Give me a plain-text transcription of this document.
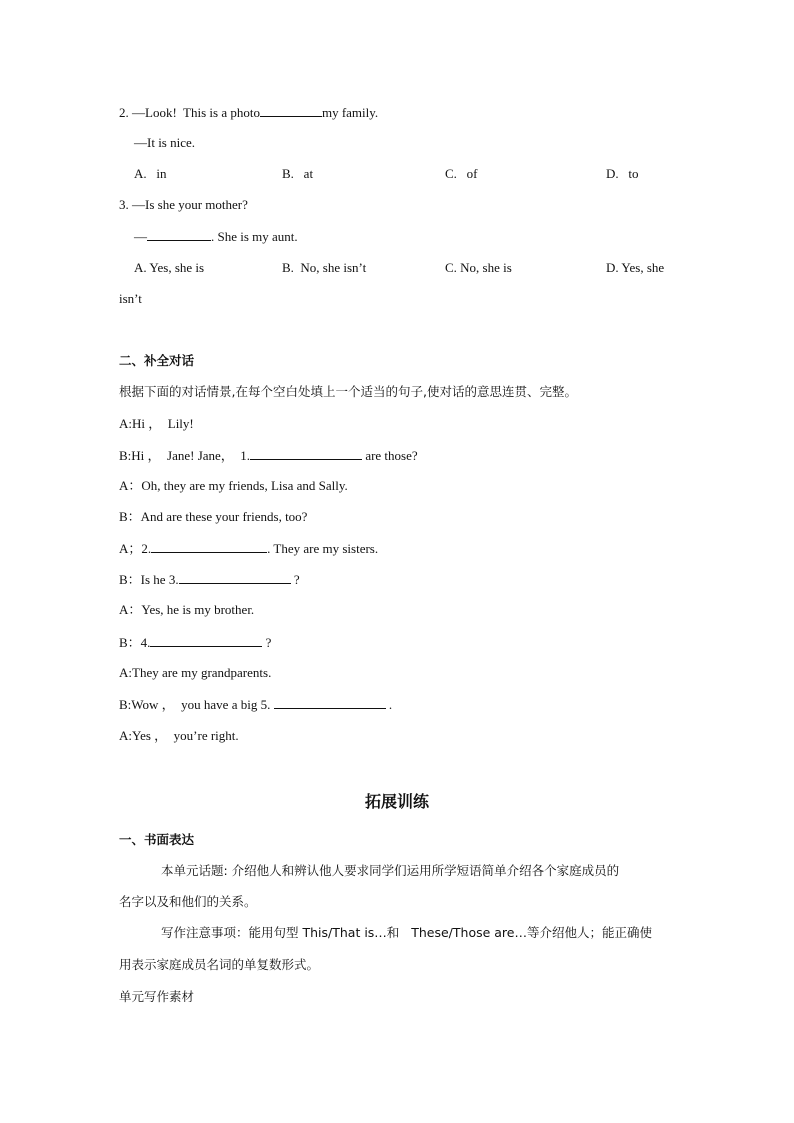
2. —Look!  This is a photo	my family.

—It is nice.

A.   in	B.   at	C.   of	D.   to

3. —Is she your mother?

—	. She is my aunt.

A. Yes, she is	B.  No, she isn’t	C. No, she is	D. Yes, she

isn’t

二、补全对话

根据下面的对话情景,在每个空白处填上一个适当的句子,使对话的意思连贯、完整。

A:Hi ，  Lily!

B:Hi ，  Jane! Jane，  1.	are those?

A：Oh, they are my friends, Lisa and Sally.

B：And are these your friends, too?

A；2.	. They are my sisters.

B：Is he 3.	?

A：Yes, he is my brother.

B：4.	?

A:They are my grandparents.

B:Wow ，  you have a big 5.	.

A:Yes ，  you’re right.

拓展训练

一、书面表达

本单元话题: 介绍他人和辨认他人要求同学们运用所学短语简单介绍各个家庭成员的

名字以及和他们的关系。

写作注意事项：能用句型 This/That is…和   These/Those are…等介绍他人；能正确使

用表示家庭成员名词的单复数形式。

单元写作素材
